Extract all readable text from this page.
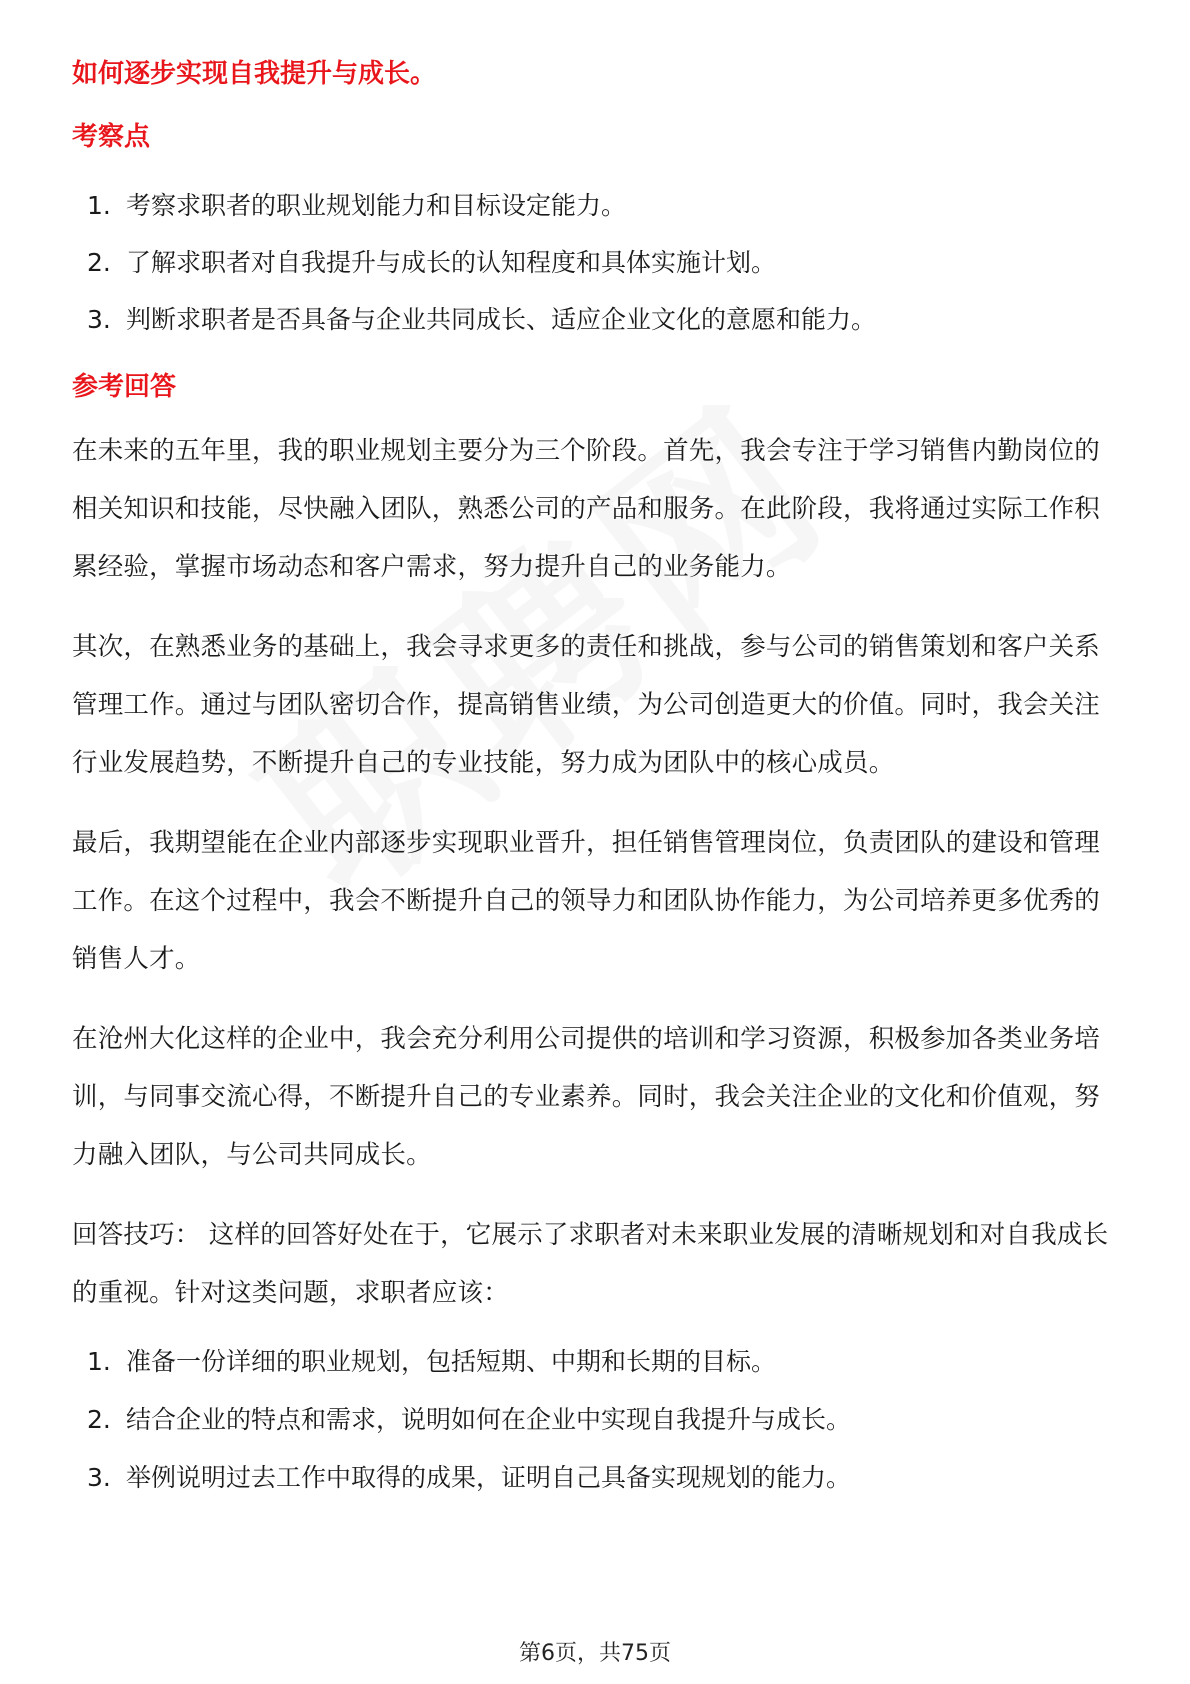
如何逐步实现自我提升与成长。
考察点
1. 考察求职者的职业规划能力和目标设定能力。
2. 了解求职者对自我提升与成长的认知程度和具体实施计划。
3. 判断求职者是否具备与企业共同成长、适应企业文化的意愿和能力。
参考回答

在未来的五年里，我的职业规划主要分为三个阶段。首先，我会专注于学习销售内勤岗位的相关知识和技能，尽快融入团队，熟悉公司的产品和服务。在此阶段，我将通过实际工作积累经验，掌握市场动态和客户需求，努力提升自己的业务能力。

其次，在熟悉业务的基础上，我会寻求更多的责任和挑战，参与公司的销售策划和客户关系管理工作。通过与团队密切合作，提高销售业绩，为公司创造更大的价值。同时，我会关注行业发展趋势，不断提升自己的专业技能，努力成为团队中的核心成员。

最后，我期望能在企业内部逐步实现职业晋升，担任销售管理岗位，负责团队的建设和管理工作。在这个过程中，我会不断提升自己的领导力和团队协作能力，为公司培养更多优秀的销售人才。

在沧州大化这样的企业中，我会充分利用公司提供的培训和学习资源，积极参加各类业务培训，与同事交流心得，不断提升自己的专业素养。同时，我会关注企业的文化和价值观，努力融入团队，与公司共同成长。

回答技巧： 这样的回答好处在于，它展示了求职者对未来职业发展的清晰规划和对自我成长的重视。针对这类问题，求职者应该：

1. 准备一份详细的职业规划，包括短期、中期和长期的目标。
2. 结合企业的特点和需求，说明如何在企业中实现自我提升与成长。
3. 举例说明过去工作中取得的成果，证明自己具备实现规划的能力。
第6页，共75页
